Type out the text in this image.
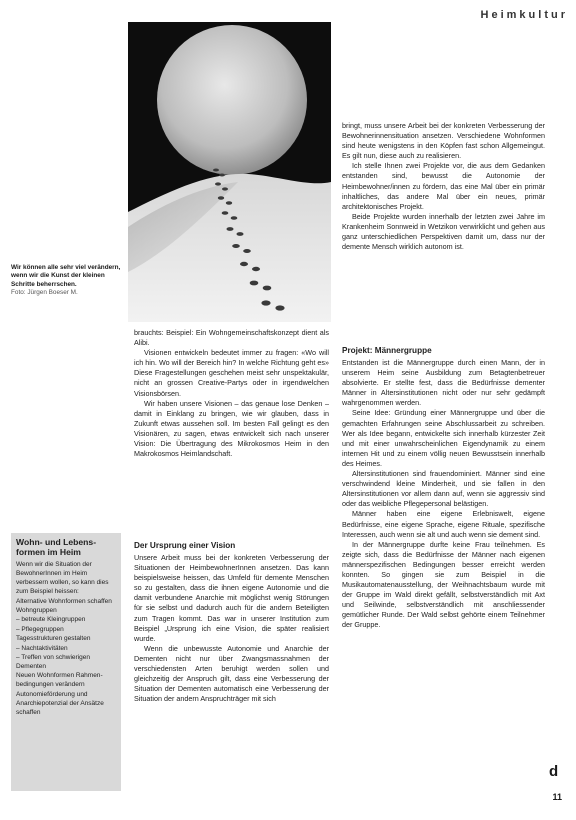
Heimkultur
Wir können alle sehr viel verändern, wenn wir die Kunst der kleinen Schritte beherrschen.
Foto: Jürgen Boeser M.

brauchts: Beispiel: Ein Wohngemeinschaftskonzept dient als Alibi.

Visionen entwickeln bedeutet immer zu fragen: «Wo will ich hin. Wo will der Bereich hin? In welche Richtung geht es» Diese Fragestellungen geschehen meist sehr unspektakulär, nicht an grossen Creative-Partys oder in irgendwelchen Visionsbörsen.

Wir haben unsere Visionen – das genaue lose Denken – damit in Einklang zu bringen, wie wir glauben, dass in Zukunft etwas aussehen soll. Im besten Fall gelingt es den Visionären, zu sagen, etwas entwickelt sich nach unserer Vision: Die Übertragung des Mikrokosmos Heim in den Makrokosmos Heimlandschaft.

Der Ursprung einer Vision

Unsere Arbeit muss bei der konkreten Verbesserung der Situationen der HeimbewohnerInnen ansetzen. Das kann beispielsweise heissen, das Umfeld für demente Menschen so zu gestalten, dass die ihnen eigene Autonomie und die damit verbundene Anarchie mit möglichst wenig Störungen für sie selbst und dadurch auch für die andern Beteiligten zum Tragen kommt. Das war in unserer Institution zum Beispiel „Ursprung ich eine Vision, die später realisiert wurde.

Wenn die unbewusste Autonomie und Anarchie der Dementen nicht nur über Zwangsmassnahmen der verschiedensten Arten beruhigt werden sollen und gleichzeitig der Anspruch gilt, dass eine Verbesserung der Situation der Dementen automatisch eine Verbesserung der Situation der andern Anspruchträger mit sich

bringt, muss unsere Arbeit bei der konkreten Verbesserung der Bewohnerinnensituation ansetzen. Verschiedene Wohnformen sind heute wenigstens in den Köpfen fast schon Allgemeingut. Es gilt nun, diese auch zu realisieren.

Ich stelle Ihnen zwei Projekte vor, die aus dem Gedanken entstanden sind, bewusst die Autonomie der Heimbewohner/innen zu fördern, das eine Mal über ein primär inhaltliches, das andere Mal über ein neues, primär architektonisches Projekt.

Beide Projekte wurden innerhalb der letzten zwei Jahre im Krankenheim Sonnweid in Wetzikon verwirklicht und gehen aus ganz unterschiedlichen Perspektiven damit um, dass nur der demente Mensch wirklich autonom ist.

Projekt: Männergruppe

Entstanden ist die Männergruppe durch einen Mann, der in unserem Heim seine Ausbildung zum Betagtenbetreuer absolvierte. Er stellte fest, dass die Bedürfnisse dementer Männer in Altersinstitutionen nicht oder nur sehr gedämpft wahrgenommen werden.

Seine Idee: Gründung einer Männergruppe und über die gemachten Erfahrungen seine Abschlussarbeit zu schreiben. Wer als Idee begann, entwickelte sich innerhalb kürzester Zeit und mit einer unwahrscheinlichen Eigendynamik zu einem internen Hit und zu einem völlig neuen Bewusstsein innerhalb des Heimes.

Altersinstitutionen sind frauendominiert. Männer sind eine verschwindend kleine Minderheit, und sie fallen in den Altersinstitutionen vor allem dann auf, wenn sie aggressiv sind oder das weibliche Pflegepersonal belästigen.

Männer haben eine eigene Erlebniswelt, eigene Bedürfnisse, eine eigene Sprache, eigene Rituale, spezifische Interessen, auch wenn sie alt und auch wenn sie dement sind.

In der Männergruppe durfte keine Frau teilnehmen. Es zeigte sich, dass die Bedürfnisse der Männer nach eigenen männerspezifischen Bedingungen besser erreicht werden konnten. So gingen sie zum Beispiel in die Musikautomatenausstellung, der Weihnachtsbaum wurde mit der Gruppe im Wald direkt gefällt, selbstverständlich mit Axt und Seilwinde, selbstverständlich mit anschliessender gemütlicher Runde. Der Wald selbst gehörte einem Teilnehmer der Gruppe.

Wohn- und Lebensformen im Heim
Wenn wir die Situation der BewohnerInnen im Heim verbessern wollen, so kann dies zum Beispiel heissen:
Alternative Wohnformen schaffen
Wohngruppen
– betreute Kleingruppen
– Pflegegruppen
Tagesstrukturen gestalten
– Nachtaktivitäten
– Treffen von schwierigen Dementen
Neuen Wohnformen Rahmenbedingungen verändern
Autonomieförderung und Anarchiepotenzial der Ansätze schaffen
d
11
